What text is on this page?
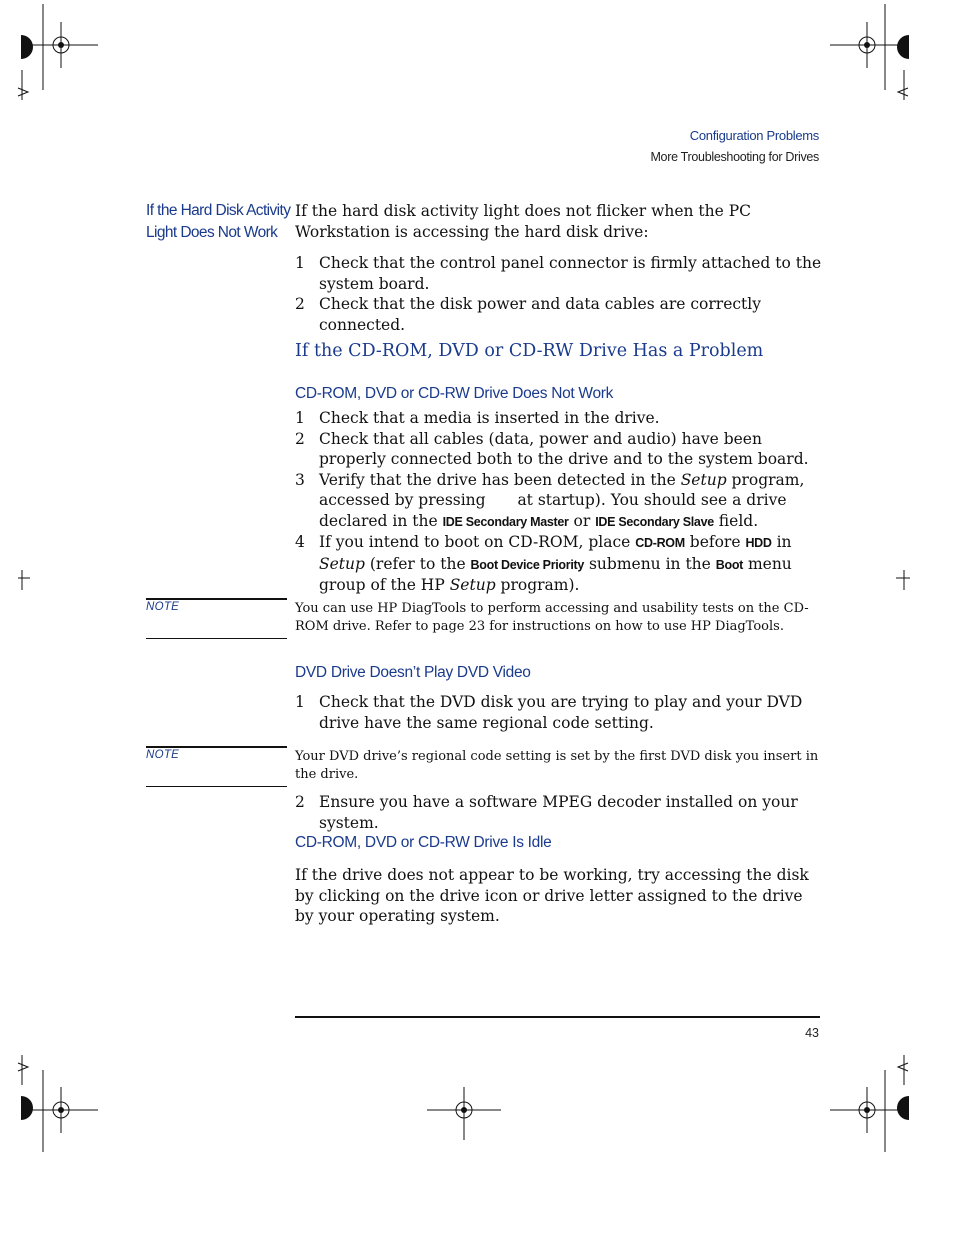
Configuration Problems
More Troubleshooting for Drives
If the Hard Disk Activity
Light Does Not Work
If the hard disk activity light does not flicker when the PC Workstation is accessing the hard disk drive:
1 Check that the control panel connector is firmly attached to the system board.
2 Check that the disk power and data cables are correctly connected.
If the CD-ROM, DVD or CD-RW Drive Has a Problem
CD-ROM, DVD or CD-RW Drive Does Not Work
1 Check that a media is inserted in the drive.
2 Check that all cables (data, power and audio) have been properly connected both to the drive and to the system board.
3 Verify that the drive has been detected in the Setup program, accessed by pressing  at startup). You should see a drive declared in the IDE Secondary Master or IDE Secondary Slave field.
4 If you intend to boot on CD-ROM, place CD-ROM before HDD in Setup (refer to the Boot Device Priority submenu in the Boot menu group of the HP Setup program).
NOTE	You can use HP DiagTools to perform accessing and usability tests on the CD-ROM drive. Refer to page 23 for instructions on how to use HP DiagTools.
DVD Drive Doesn’t Play DVD Video
1 Check that the DVD disk you are trying to play and your DVD drive have the same regional code setting.
NOTE	Your DVD drive’s regional code setting is set by the first DVD disk you insert in the drive.
2 Ensure you have a software MPEG decoder installed on your system.
CD-ROM, DVD or CD-RW Drive Is Idle
If the drive does not appear to be working, try accessing the disk by clicking on the drive icon or drive letter assigned to the drive by your operating system.
43
